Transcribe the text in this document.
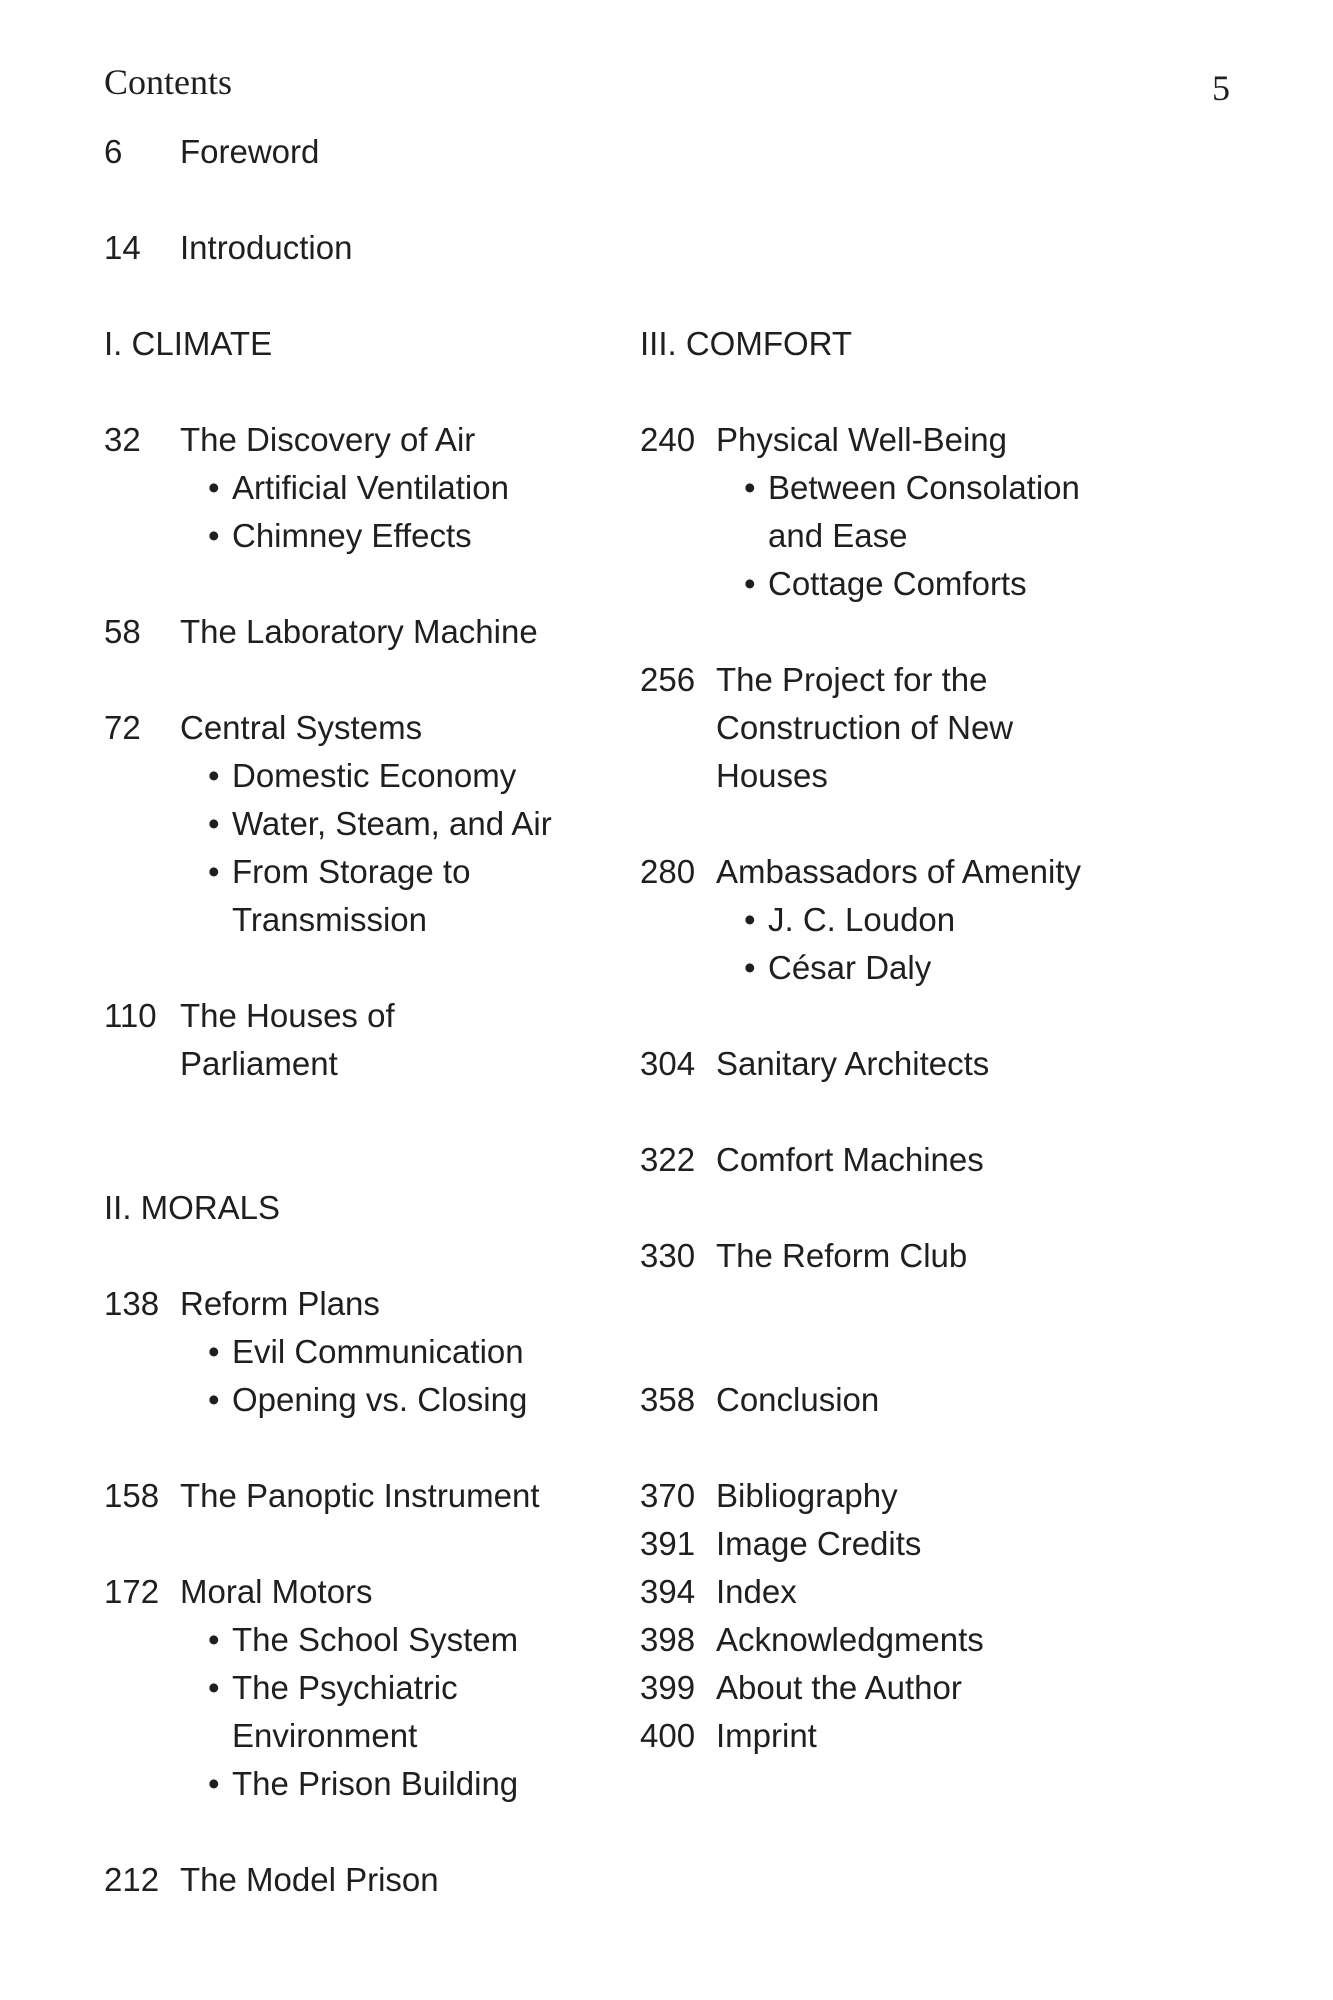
Contents	5
6 Foreword
14 Introduction
I. CLIMATE
32 The Discovery of Air
• Artificial Ventilation
• Chimney Effects
58 The Laboratory Machine
72 Central Systems
• Domestic Economy
• Water, Steam, and Air
• From Storage to
Transmission
110 The Houses of
Parliament
II. MORALS
138 Reform Plans
• Evil Communication
• Opening vs. Closing
158 The Panoptic Instrument
172 Moral Motors
• The School System
• The Psychiatric
Environment
• The Prison Building
212 The Model Prison
III. COMFORT
240 Physical Well-Being
• Between Consolation
and Ease
• Cottage Comforts
256 The Project for the
Construction of New
Houses
280 Ambassadors of Amenity
• J. C. Loudon
• César Daly
304 Sanitary Architects
322 Comfort Machines
330 The Reform Club
358 Conclusion
370 Bibliography
391 Image Credits
394 Index
398 Acknowledgments
399 About the Author
400 Imprint
